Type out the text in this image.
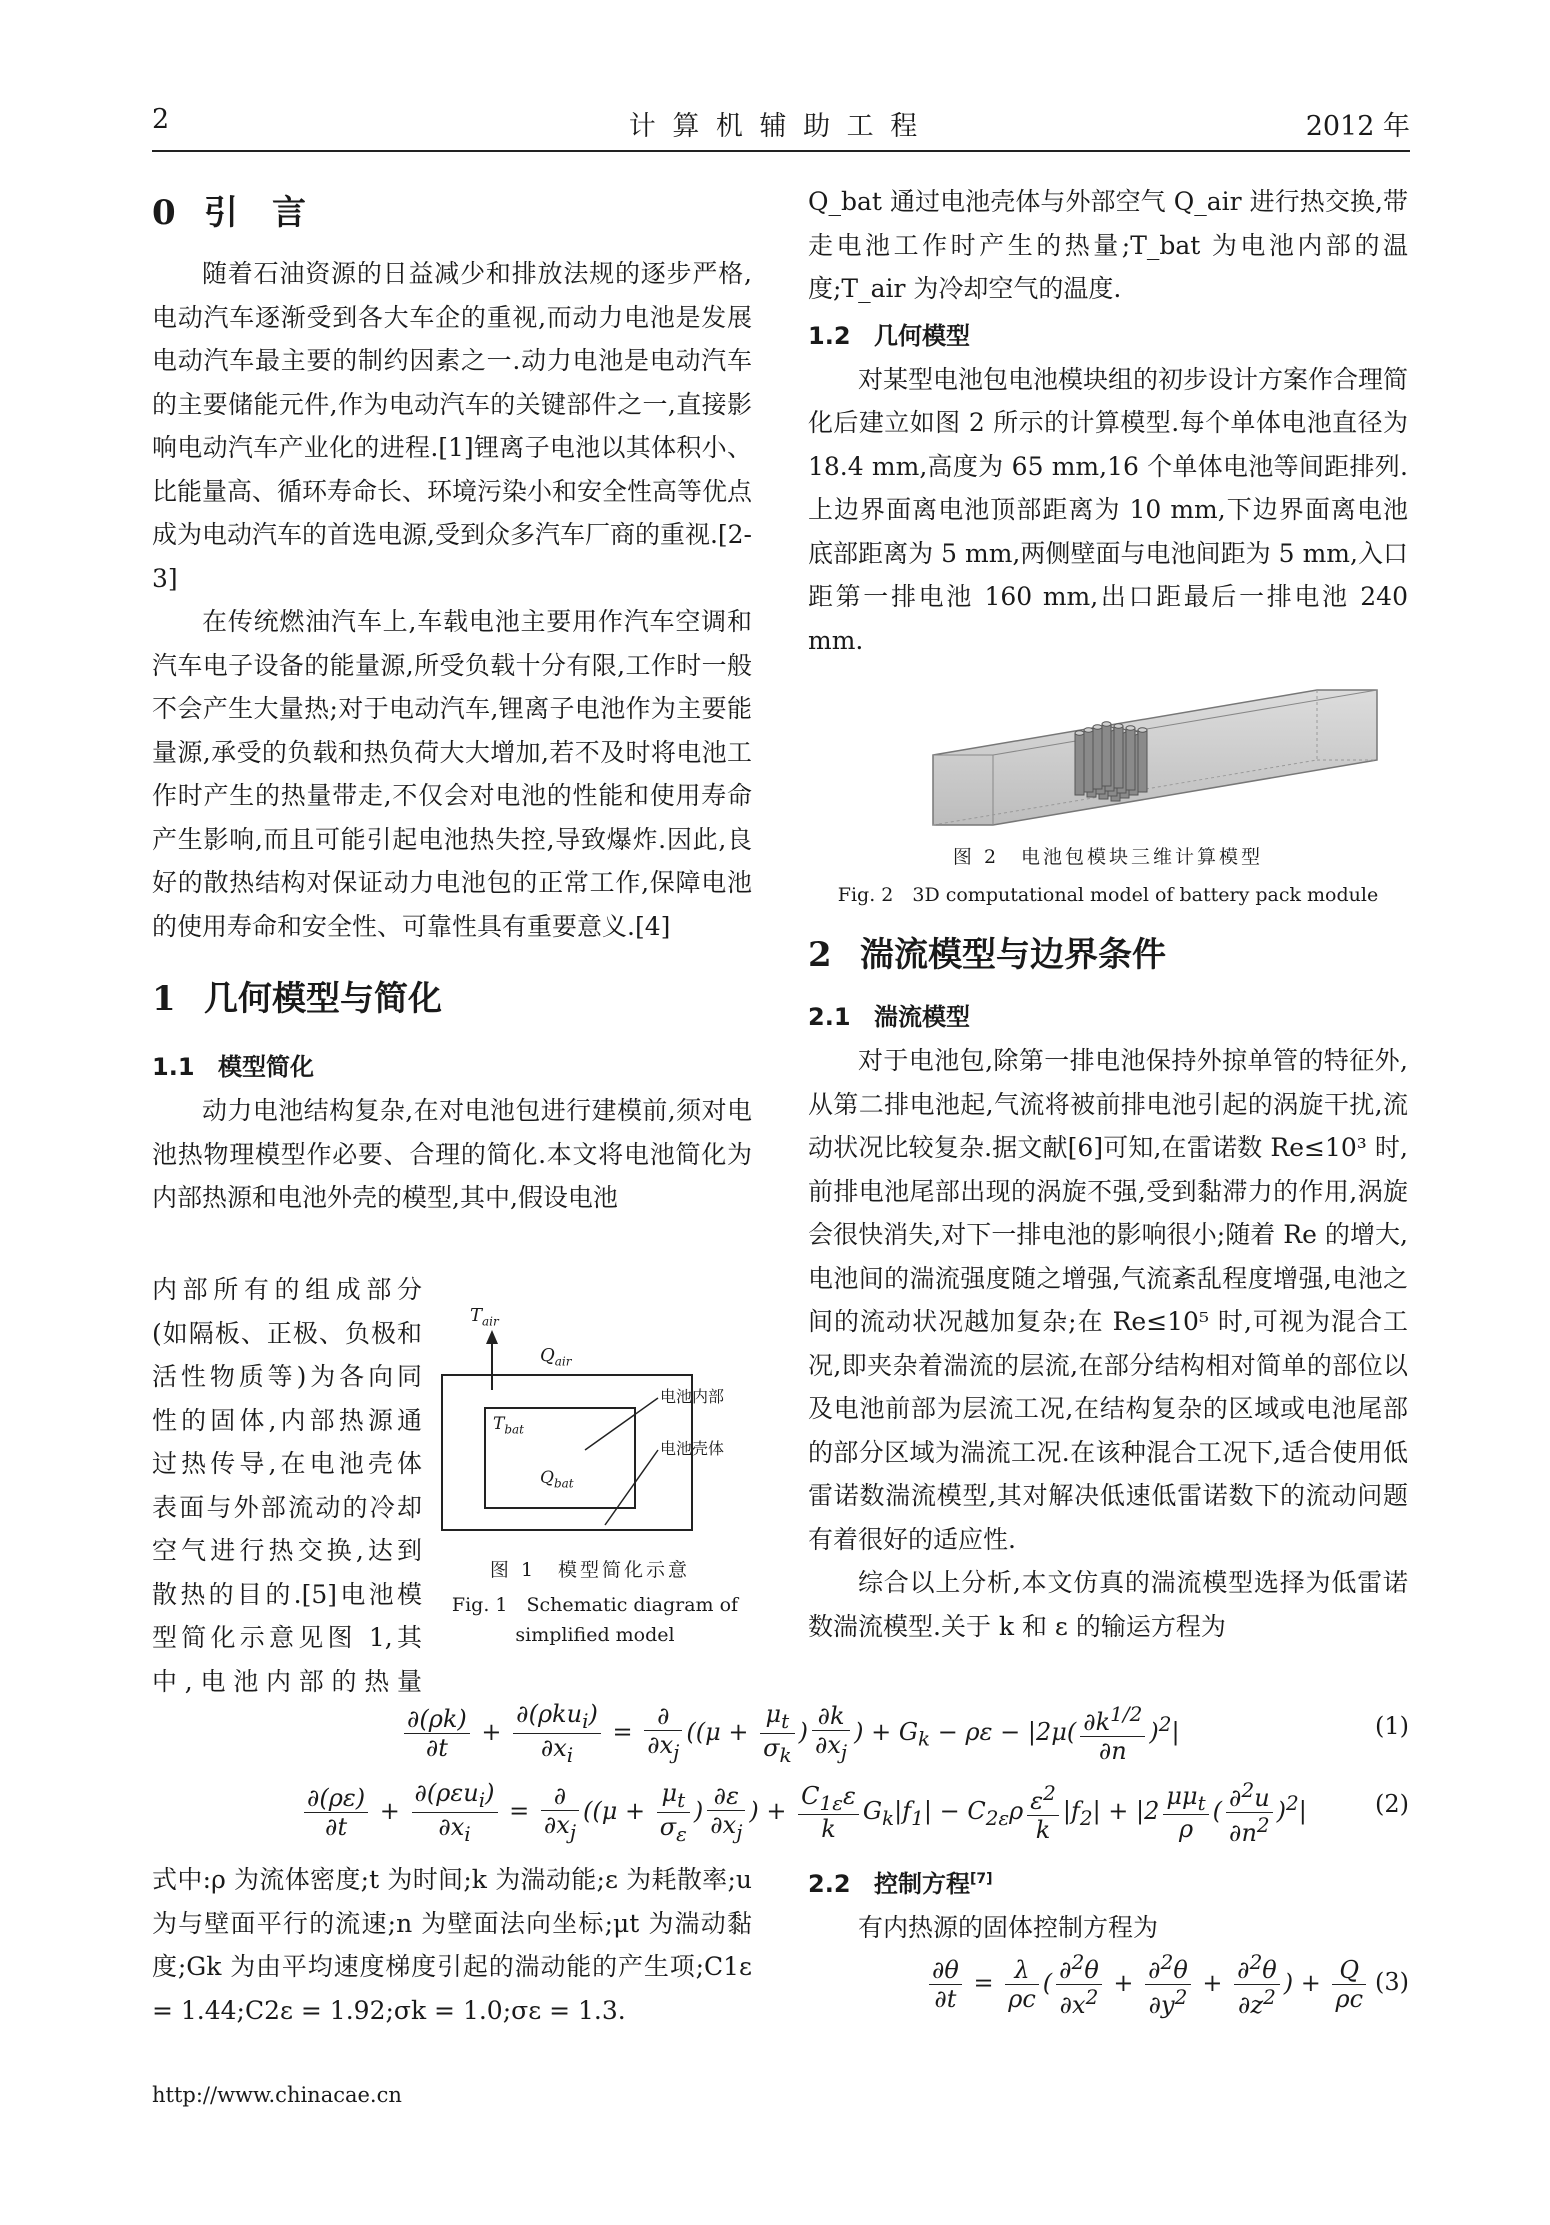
2	计 算 机 辅 助 工 程	2012 年
0 引　言

随着石油资源的日益减少和排放法规的逐步严格,电动汽车逐渐受到各大车企的重视,而动力电池是发展电动汽车最主要的制约因素之一.动力电池是电动汽车的主要储能元件,作为电动汽车的关键部件之一,直接影响电动汽车产业化的进程.[1]锂离子电池以其体积小、比能量高、循环寿命长、环境污染小和安全性高等优点成为电动汽车的首选电源,受到众多汽车厂商的重视.[2-3]

在传统燃油汽车上,车载电池主要用作汽车空调和汽车电子设备的能量源,所受负载十分有限,工作时一般不会产生大量热;对于电动汽车,锂离子电池作为主要能量源,承受的负载和热负荷大大增加,若不及时将电池工作时产生的热量带走,不仅会对电池的性能和使用寿命产生影响,而且可能引起电池热失控,导致爆炸.因此,良好的散热结构对保证动力电池包的正常工作,保障电池的使用寿命和安全性、可靠性具有重要意义.[4]

1 几何模型与简化
1.1 模型简化

动力电池结构复杂,在对电池包进行建模前,须对电池热物理模型作必要、合理的简化.本文将电池简化为内部热源和电池外壳的模型,其中,假设电池

内部所有的组成部分
(如隔板、正极、负极和
活性物质等)为各向同
性的固体,内部热源通
过热传导,在电池壳体
表面与外部流动的冷却
空气进行热交换,达到
散热的目的.[5]电池模
型简化示意见图 1,其
中,电池内部的热量
$T_{air}$
$Q_{air}$
$T_{bat}$
$Q_{bat}$
电池内部
电池壳体
图 1　模型简化示意
Fig. 1　Schematic diagram of
simplified model

Q_bat 通过电池壳体与外部空气 Q_air 进行热交换,带走电池工作时产生的热量;T_bat 为电池内部的温度;T_air 为冷却空气的温度.

1.2 几何模型

对某型电池包电池模块组的初步设计方案作合理简化后建立如图 2 所示的计算模型.每个单体电池直径为 18.4 mm,高度为 65 mm,16 个单体电池等间距排列.上边界面离电池顶部距离为 10 mm,下边界面离电池底部距离为 5 mm,两侧壁面与电池间距为 5 mm,入口距第一排电池 160 mm,出口距最后一排电池 240 mm.

图 2　电池包模块三维计算模型
Fig. 2　3D computational model of battery pack module
2 湍流模型与边界条件
2.1 湍流模型

对于电池包,除第一排电池保持外掠单管的特征外,从第二排电池起,气流将被前排电池引起的涡旋干扰,流动状况比较复杂.据文献[6]可知,在雷诺数 Re≤10³ 时,前排电池尾部出现的涡旋不强,受到黏滞力的作用,涡旋会很快消失,对下一排电池的影响很小;随着 Re 的增大,电池间的湍流强度随之增强,气流紊乱程度增强,电池之间的流动状况越加复杂;在 Re≤10⁵ 时,可视为混合工况,即夹杂着湍流的层流,在部分结构相对简单的部位以及电池前部为层流工况,在结构复杂的区域或电池尾部的部分区域为湍流工况.在该种混合工况下,适合使用低雷诺数湍流模型,其对解决低速低雷诺数下的流动问题有着很好的适应性.

综合以上分析,本文仿真的湍流模型选择为低雷诺数湍流模型.关于 k 和 ε 的输运方程为

$\frac{\partial(\rho k)}{\partial t} + \frac{\partial(\rho ku_i)}{\partial x_i} = \frac{\partial}{\partial x_j} ((\mu + \frac{\mu_t}{\sigma_k}$ ) $\frac{\partial k}{\partial x_j}$ ) + $G_k - \rho\varepsilon - |2\mu( \frac{\partial k^{1/2}}{\partial n} )^2|$	(1)
$\frac{\partial(\rho\varepsilon)}{\partial t} + \frac{\partial(\rho\varepsilon u_i)}{\partial x_i} = \frac{\partial}{\partial x_j} ((\mu + \frac{\mu_t}{\sigma_\varepsilon}$ ) $\frac{\partial\varepsilon}{\partial x_j}$ ) + $\frac{C_{1\varepsilon}\varepsilon}{k} G_k|f_1| - C_{2\varepsilon}\rho \frac{\varepsilon^2}{k} |f_2| + |2 \frac{\mu\mu_t}{\rho}$ ( $\frac{\partial^2u}{\partial n^2} )^2|$	(2)

式中:ρ 为流体密度;t 为时间;k 为湍动能;ε 为耗散率;u 为与壁面平行的流速;n 为壁面法向坐标;μt 为湍动黏度;Gk 为由平均速度梯度引起的湍动能的产生项;C1ε = 1.44;C2ε = 1.92;σk = 1.0;σε = 1.3.

2.2 控制方程[7]

有内热源的固体控制方程为

$\frac{\partial\theta}{\partial t} = \frac{\lambda}{\rho c}$ ( $\frac{\partial^2\theta}{\partial x^2} + \frac{\partial^2\theta}{\partial y^2} + \frac{\partial^2\theta}{\partial z^2}$ ) + $\frac{Q}{\rho c} (3)$
http://www.chinacae.cn
